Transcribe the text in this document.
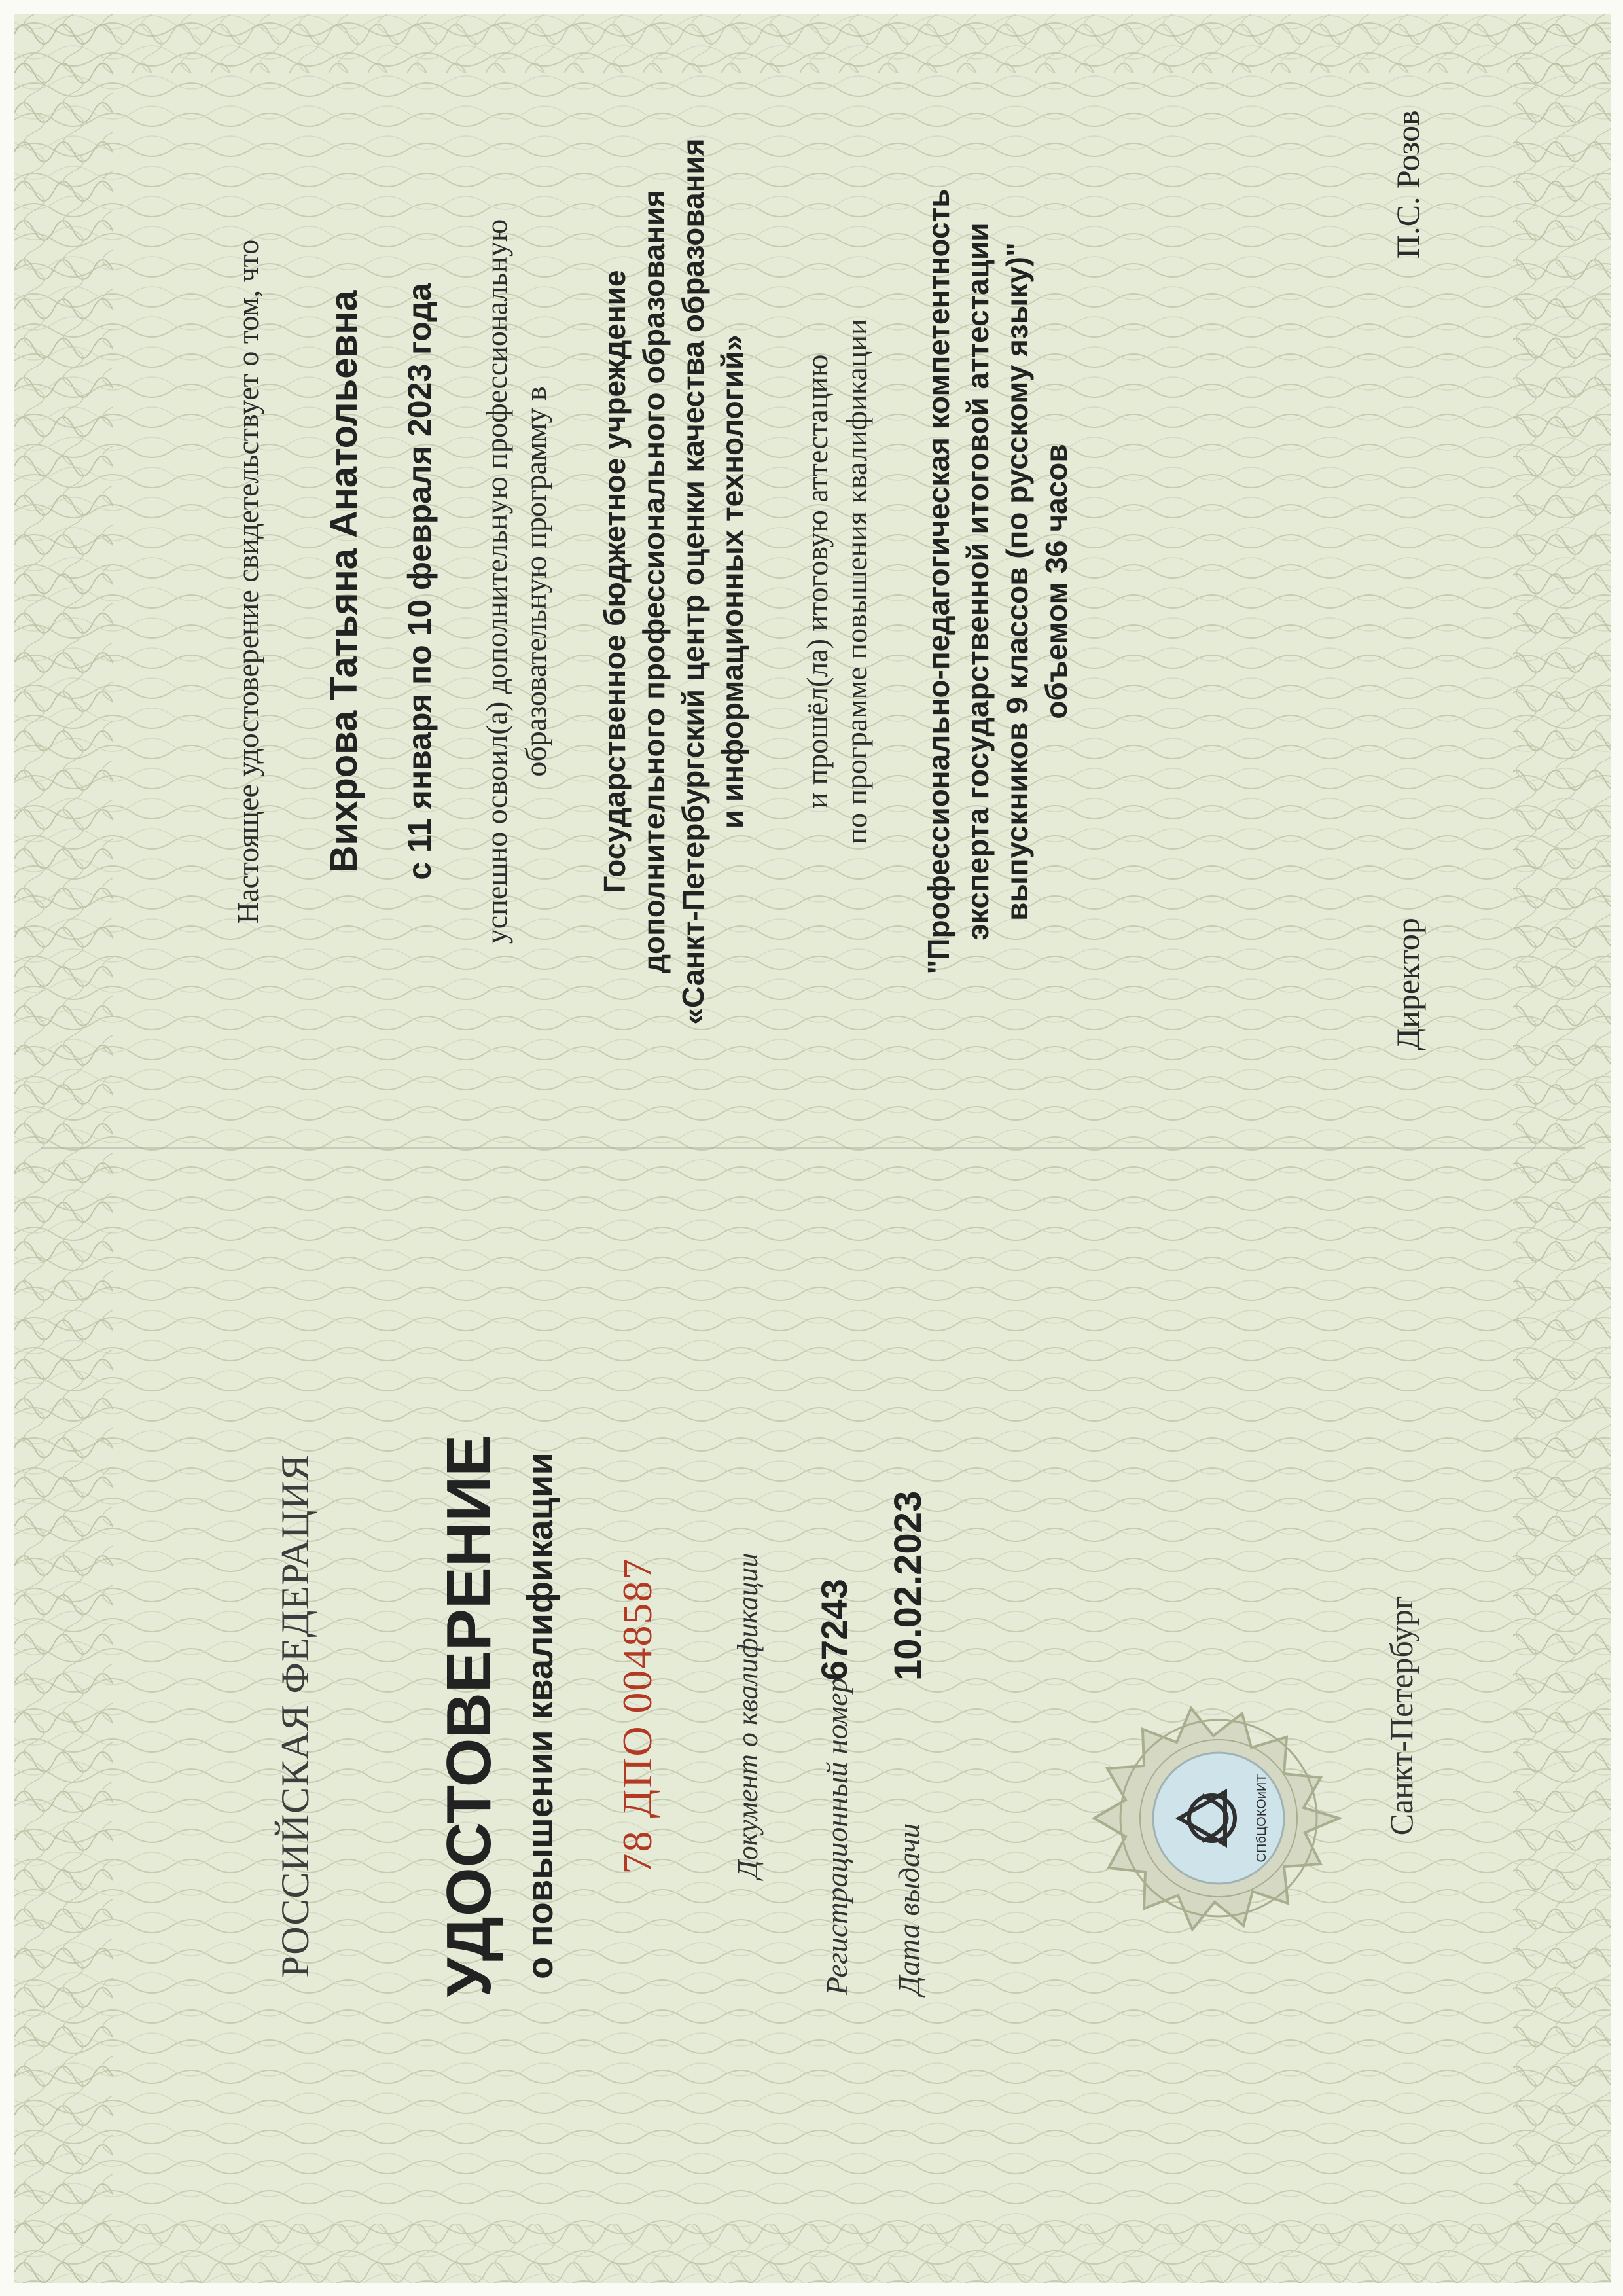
РОССИЙСКАЯ ФЕДЕРАЦИЯ УДОСТОВЕРЕНИЕ о повышении квалификации 78 ДПО 0048587 Документ о квалификации Регистрационный номер
67243
Дата выдачи
10.02.2023
СПбЦОКОиИТ	Санкт-Петербург
Настоящее удостоверение свидетельствует о том, что Вихрова Татьяна Анатольевна с 11 января по 10 февраля 2023 года успешно освоил(а) дополнительную профессиональную образовательную программу в Государственное бюджетное учреждение дополнительного профессионального образования «Санкт-Петербургский центр оценки качества образования и информационных технологий» и прошёл(ла) итоговую аттестацию по программе повышения квалификации "Профессионально-педагогическая компетентность эксперта государственной итоговой аттестации выпускников 9 классов (по русскому языку)" объемом 36 часов
Директор
П.С. Розов
